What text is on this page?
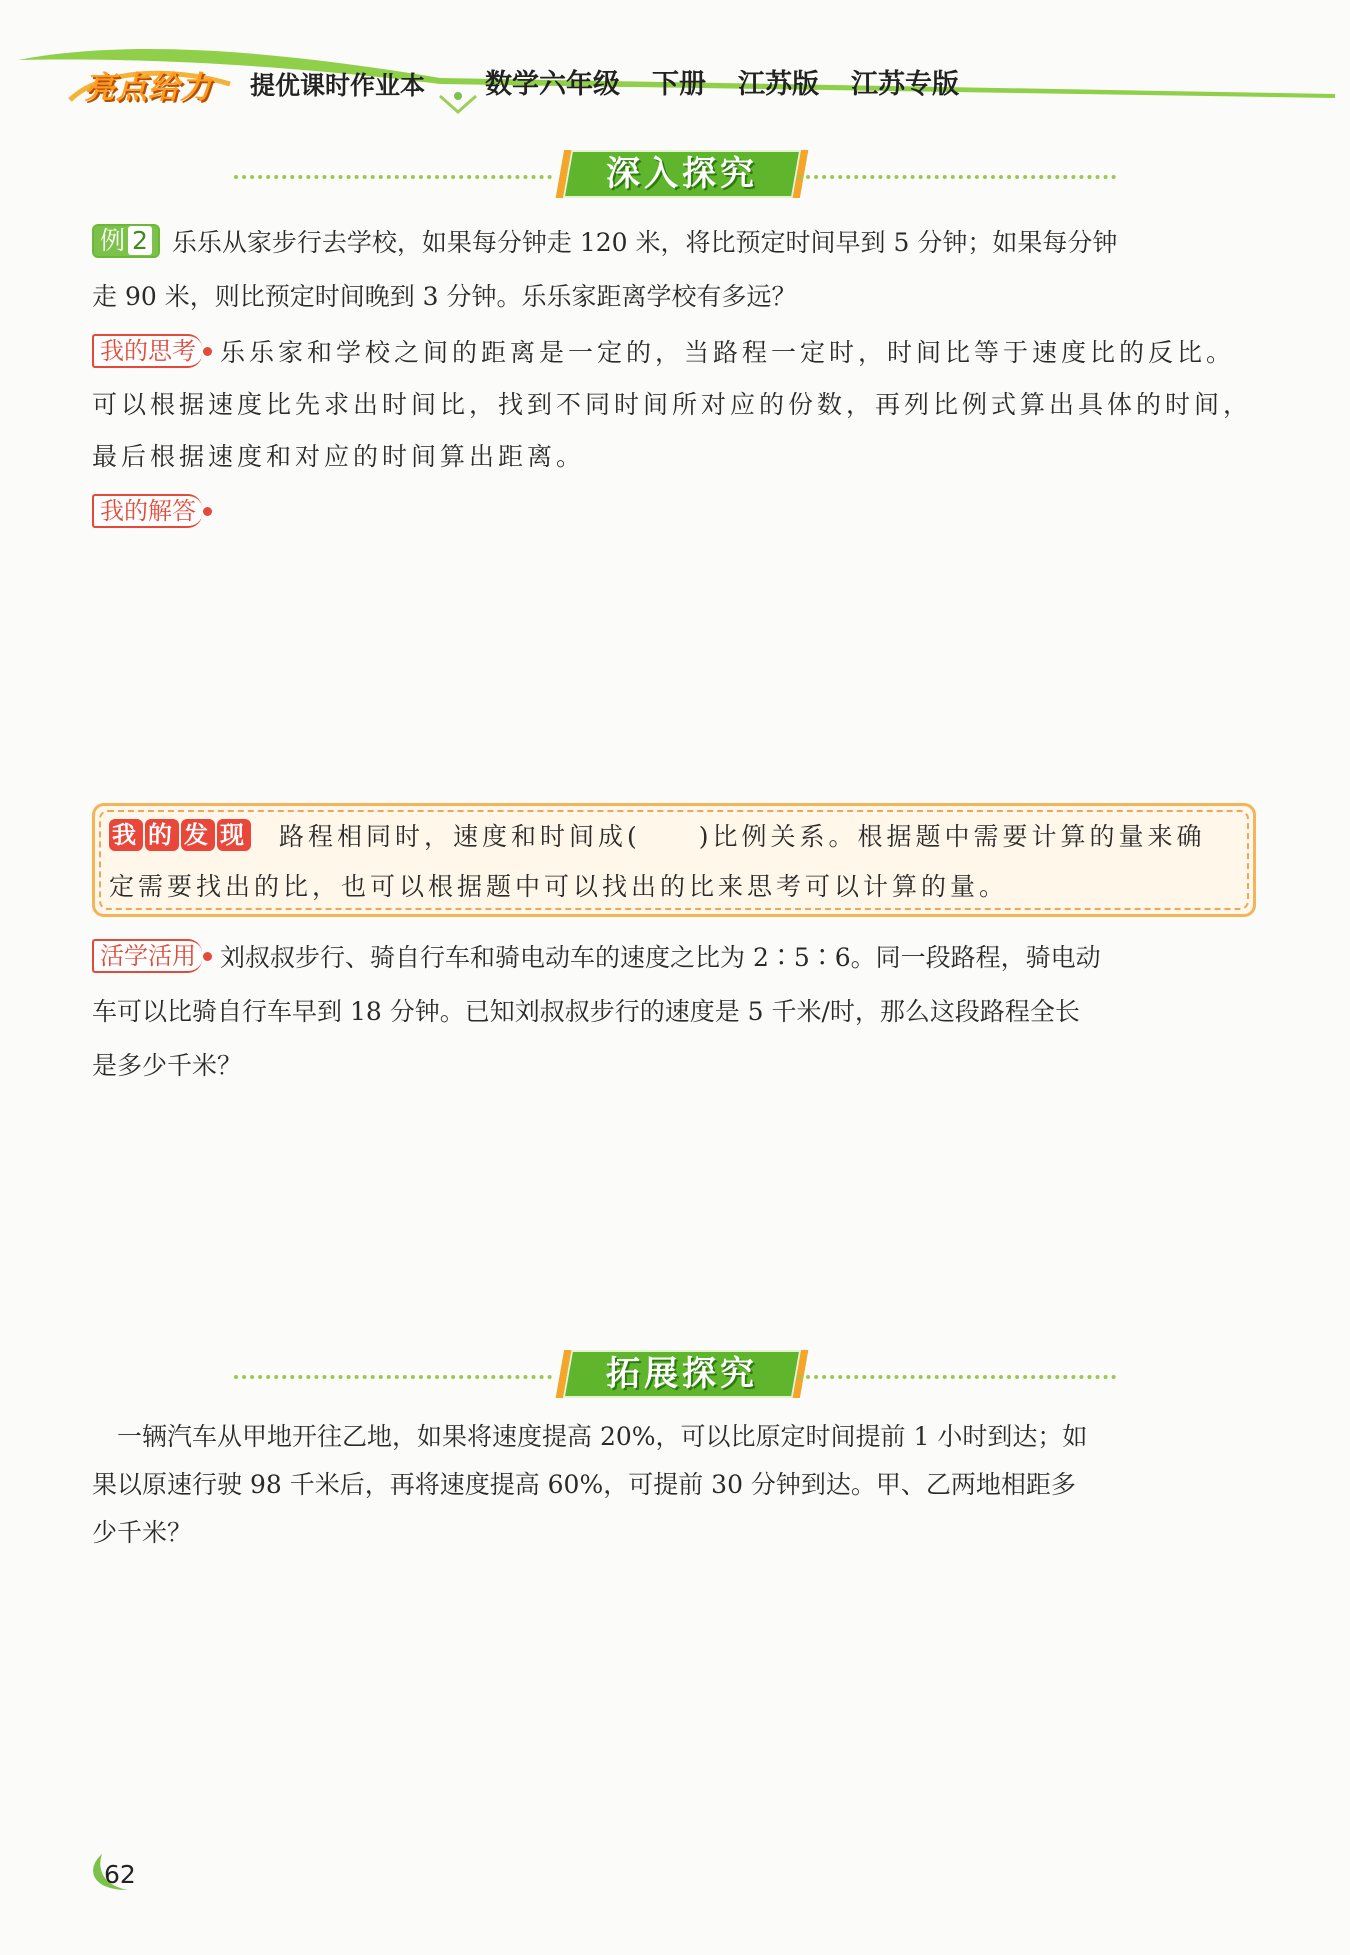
亮点给力 提优课时作业本 数学六年级 下册 江苏版 江苏专版
深入探究
例 2 乐乐从家步行去学校，如果每分钟走 120 米，将比预定时间早到 5 分钟；如果每分钟
走 90 米，则比预定时间晚到 3 分钟。乐乐家距离学校有多远？
我的思考 乐乐家和学校之间的距离是一定的，当路程一定时，时间比等于速度比的反比。
可以根据速度比先求出时间比，找到不同时间所对应的份数，再列比例式算出具体的时间，
最后根据速度和对应的时间算出距离。
我的解答
我 的 发 现 路程相同时，速度和时间成(　　)比例关系。根据题中需要计算的量来确
定需要找出的比，也可以根据题中可以找出的比来思考可以计算的量。
活学活用 刘叔叔步行、骑自行车和骑电动车的速度之比为 2∶5∶6。同一段路程，骑电动
车可以比骑自行车早到 18 分钟。已知刘叔叔步行的速度是 5 千米/时，那么这段路程全长
是多少千米？
拓展探究
　一辆汽车从甲地开往乙地，如果将速度提高 20%，可以比原定时间提前 1 小时到达；如
果以原速行驶 98 千米后，再将速度提高 60%，可提前 30 分钟到达。甲、乙两地相距多
少千米？
62
